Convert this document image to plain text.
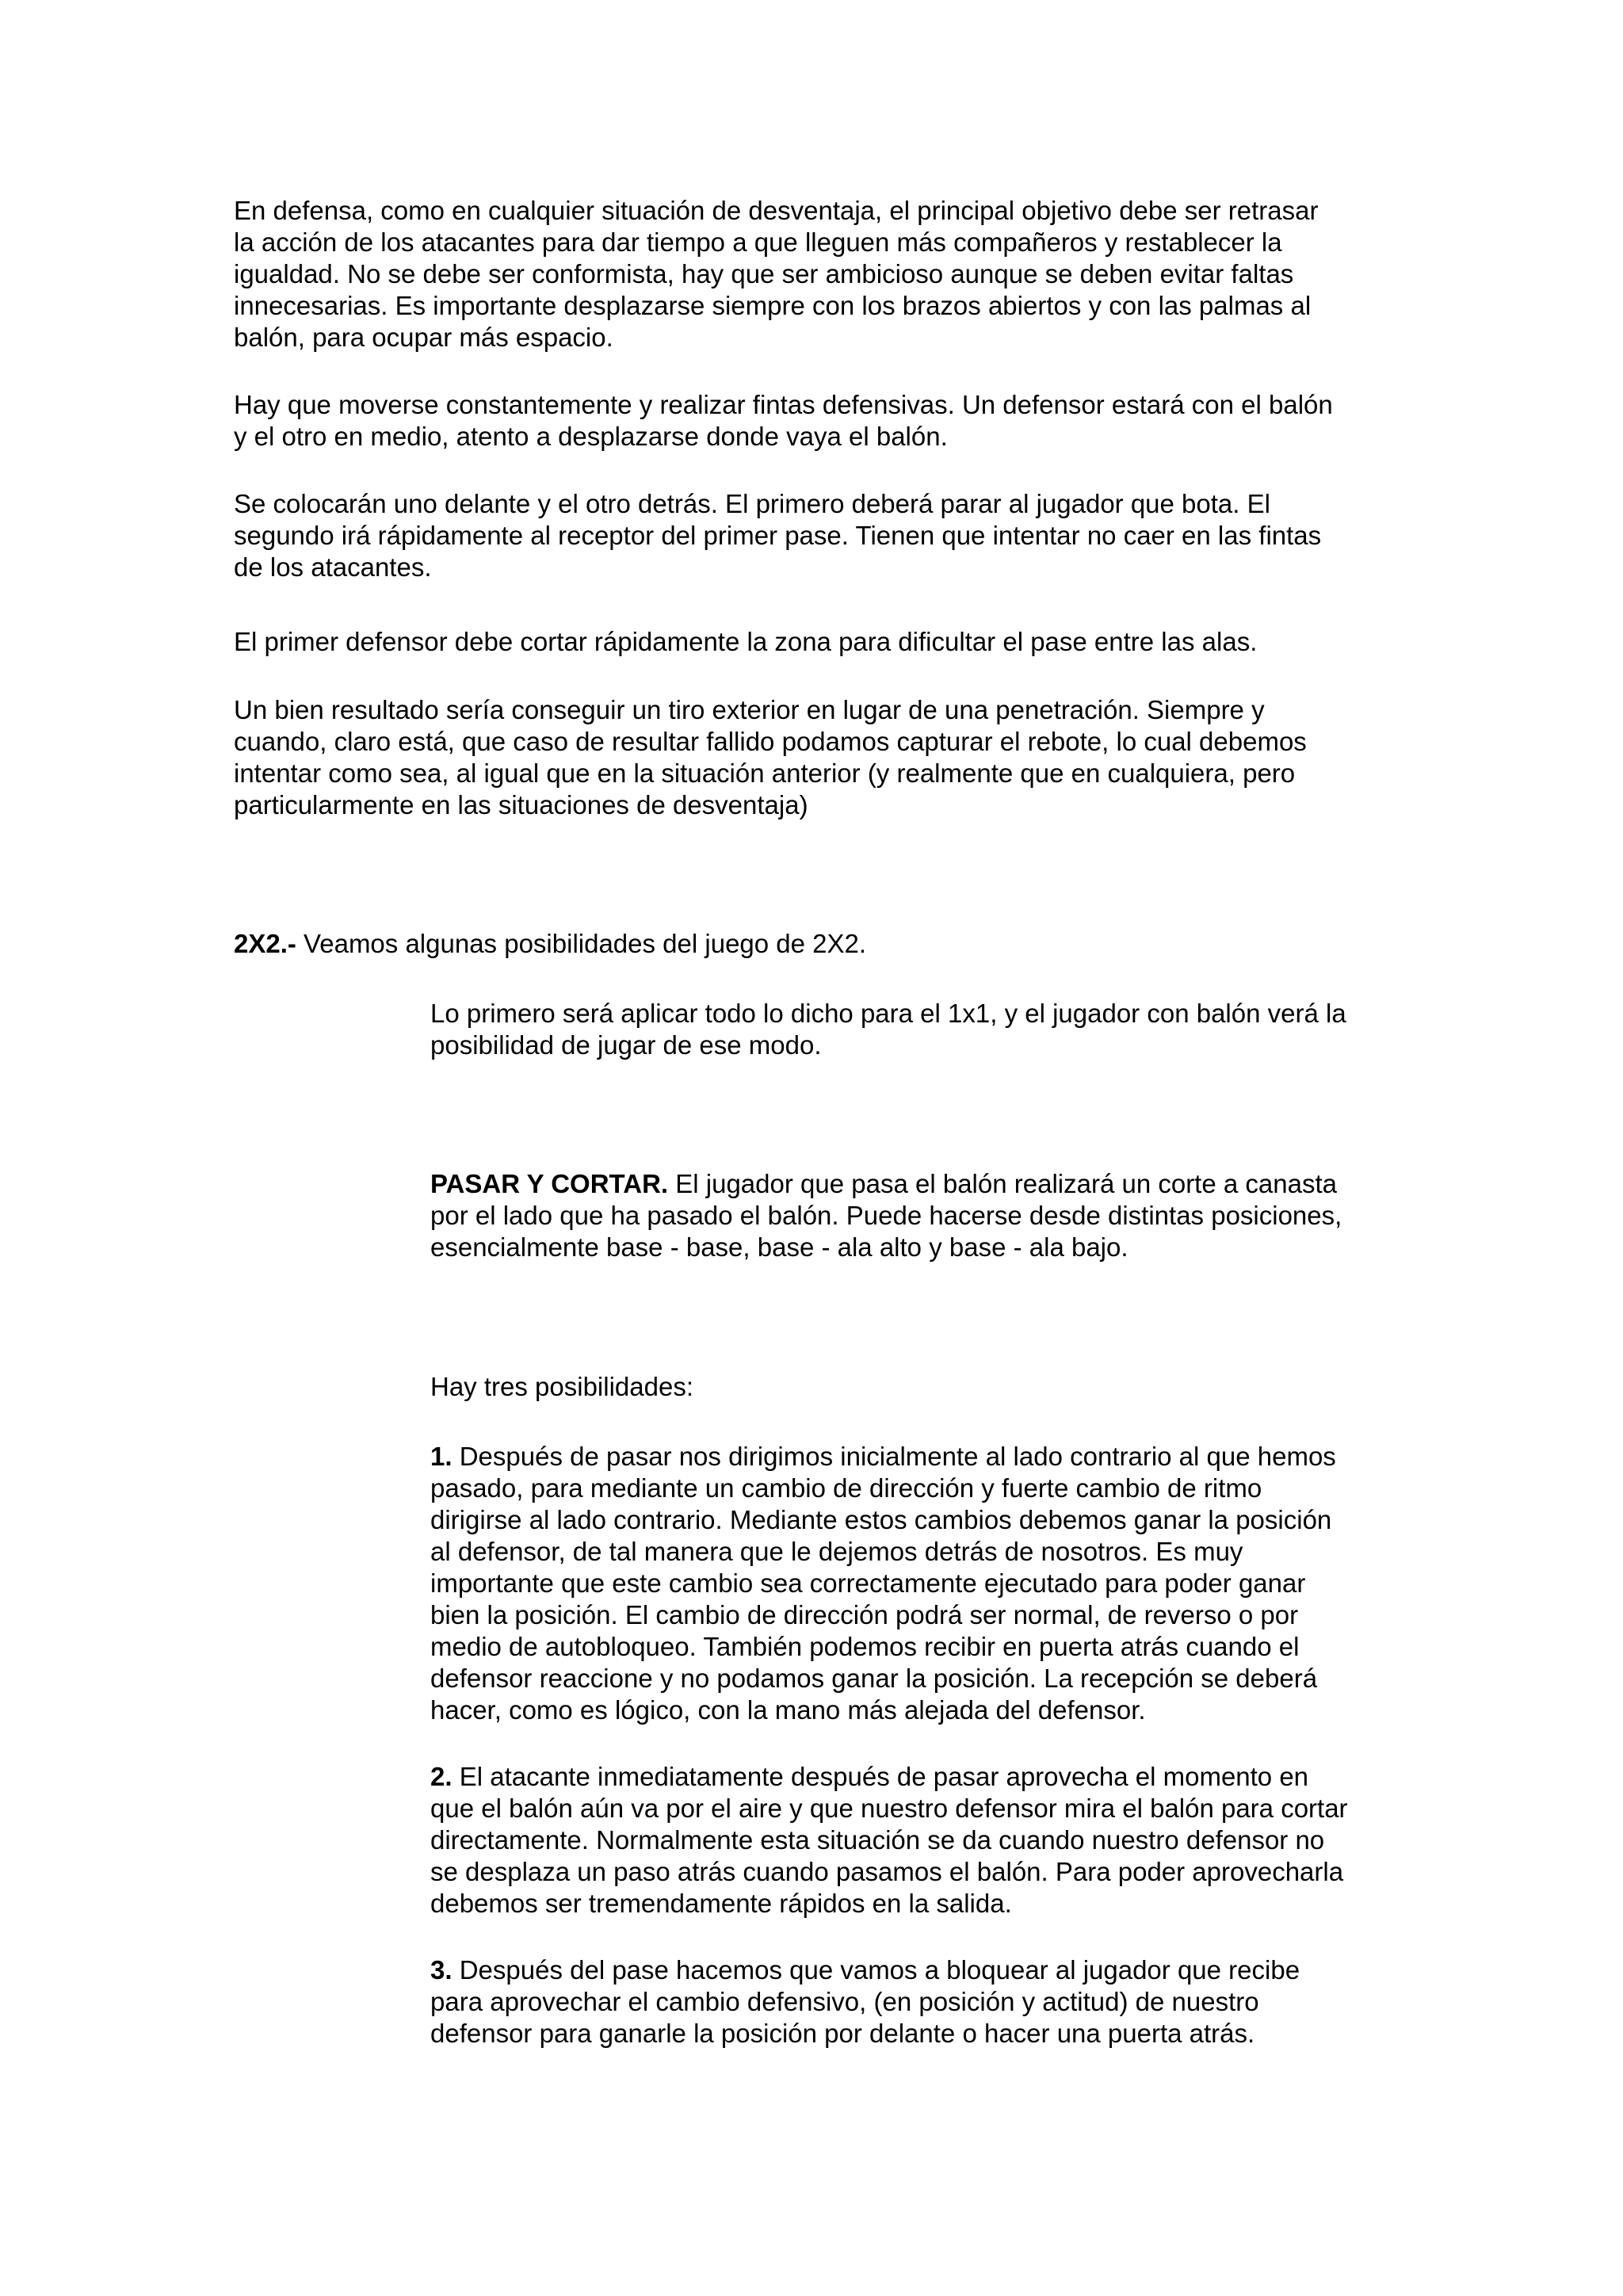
En defensa, como en cualquier situación de desventaja, el principal objetivo debe ser retrasar
la acción de los atacantes para dar tiempo a que lleguen más compañeros y restablecer la
igualdad. No se debe ser conformista, hay que ser ambicioso aunque se deben evitar faltas
innecesarias. Es importante desplazarse siempre con los brazos abiertos y con las palmas al
balón, para ocupar más espacio.

Hay que moverse constantemente y realizar fintas defensivas. Un defensor estará con el balón
y el otro en medio, atento a desplazarse donde vaya el balón.

Se colocarán uno delante y el otro detrás. El primero deberá parar al jugador que bota. El
segundo irá rápidamente al receptor del primer pase. Tienen que intentar no caer en las fintas
de los atacantes.

El primer defensor debe cortar rápidamente la zona para dificultar el pase entre las alas.

Un bien resultado sería conseguir un tiro exterior en lugar de una penetración. Siempre y
cuando, claro está, que caso de resultar fallido podamos capturar el rebote, lo cual debemos
intentar como sea, al igual que en la situación anterior (y realmente que en cualquiera, pero
particularmente en las situaciones de desventaja)

2X2.- Veamos algunas posibilidades del juego de 2X2.

Lo primero será aplicar todo lo dicho para el 1x1, y el jugador con balón verá la
posibilidad de jugar de ese modo.

PASAR Y CORTAR. El jugador que pasa el balón realizará un corte a canasta
por el lado que ha pasado el balón. Puede hacerse desde distintas posiciones,
esencialmente base - base, base - ala alto y base - ala bajo.

Hay tres posibilidades:

1. Después de pasar nos dirigimos inicialmente al lado contrario al que hemos
pasado, para mediante un cambio de dirección y fuerte cambio de ritmo
dirigirse al lado contrario. Mediante estos cambios debemos ganar la posición
al defensor, de tal manera que le dejemos detrás de nosotros. Es muy
importante que este cambio sea correctamente ejecutado para poder ganar
bien la posición. El cambio de dirección podrá ser normal, de reverso o por
medio de autobloqueo. También podemos recibir en puerta atrás cuando el
defensor reaccione y no podamos ganar la posición. La recepción se deberá
hacer, como es lógico, con la mano más alejada del defensor.

2. El atacante inmediatamente después de pasar aprovecha el momento en
que el balón aún va por el aire y que nuestro defensor mira el balón para cortar
directamente. Normalmente esta situación se da cuando nuestro defensor no
se desplaza un paso atrás cuando pasamos el balón. Para poder aprovecharla
debemos ser tremendamente rápidos en la salida.

3. Después del pase hacemos que vamos a bloquear al jugador que recibe
para aprovechar el cambio defensivo, (en posición y actitud) de nuestro
defensor para ganarle la posición por delante o hacer una puerta atrás.
